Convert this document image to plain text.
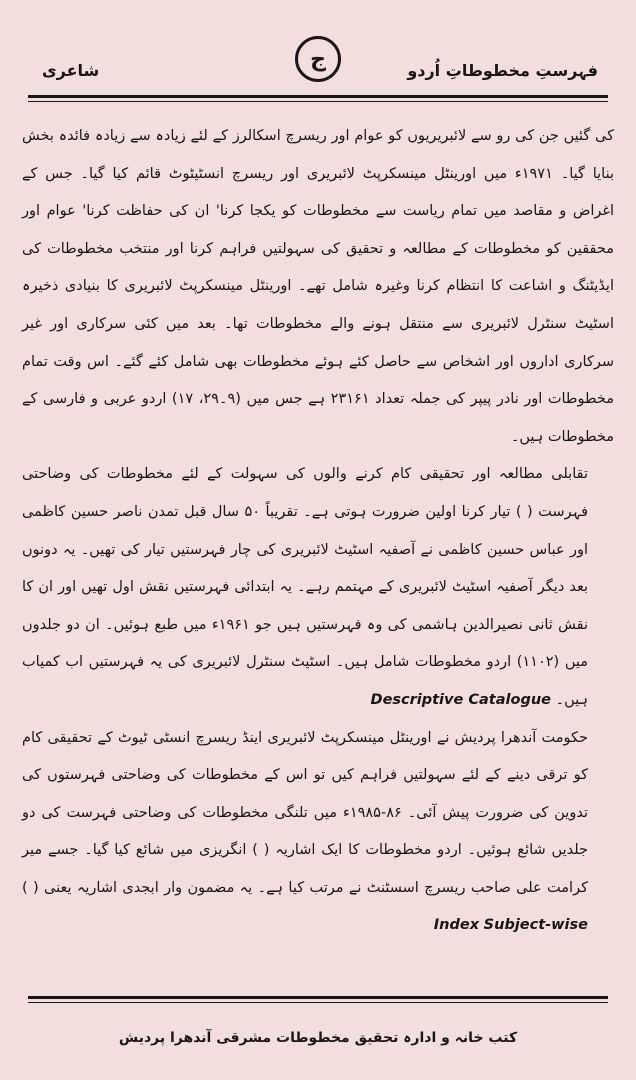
فہرستِ مخطوطاتِ اُردو
ج
شاعری

کی گئیں جن کی رو سے لائبریریوں کو عوام اور ریسرچ اسکالرز کے لئے زیادہ سے زیادہ فائدہ بخش بنایا گیا۔ ۱۹۷۱ء میں اورینٹل مینسکرپٹ لائبریری اور ریسرچ انسٹیٹوٹ قائم کیا گیا۔ جس کے اغراض و مقاصد میں تمام ریاست سے مخطوطات کو یکجا کرنا' ان کی حفاظت کرنا' عوام اور محققین کو مخطوطات کے مطالعہ و تحقیق کی سہولتیں فراہم کرنا اور منتخب مخطوطات کی ایڈیٹنگ و اشاعت کا انتظام کرنا وغیرہ شامل تھے۔ اورینٹل مینسکرپٹ لائبریری کا بنیادی ذخیرہ اسٹیٹ سنٹرل لائبریری سے منتقل ہونے والے مخطوطات تھا۔ بعد میں کئی سرکاری اور غیر سرکاری اداروں اور اشخاص سے حاصل کئے ہوئے مخطوطات بھی شامل کئے گئے۔ اس وقت تمام مخطوطات اور نادر پیپر کی جملہ تعداد ۲۳۱۶۱ ہے جس میں (۹۔۲۹، ۱۷) اردو عربی و فارسی کے مخطوطات ہیں۔

تقابلی مطالعہ اور تحقیقی کام کرنے والوں کی سہولت کے لئے مخطوطات کی وضاحتی فہرست ( ) تیار کرنا اولین ضرورت ہوتی ہے۔ تقریباً ۵۰ سال قبل تمدن ناصر حسین کاظمی اور عباس حسین کاظمی نے آصفیہ اسٹیٹ لائبریری کی چار فہرستیں تیار کی تھیں۔ یہ دونوں بعد دیگر آصفیہ اسٹیٹ لائبریری کے مہتمم رہے۔ یہ ابتدائی فہرستیں نقش اول تھیں اور ان کا نقش ثانی نصیرالدین ہاشمی کی وہ فہرستیں ہیں جو ۱۹۶۱ء میں طبع ہوئیں۔ ان دو جلدوں میں (۱۱۰۲) اردو مخطوطات شامل ہیں۔ اسٹیٹ سنٹرل لائبریری کی یہ فہرستیں اب کمیاب ہیں۔ Descriptive Catalogue

حکومت آندھرا پردیش نے اورینٹل مینسکرپٹ لائبریری اینڈ ریسرچ انسٹی ٹیوٹ کے تحقیقی کام کو ترقی دینے کے لئے سہولتیں فراہم کیں تو اس کے مخطوطات کی وضاحتی فہرستوں کی تدوین کی ضرورت پیش آئی۔ ۸۶-۱۹۸۵ء میں تلنگی مخطوطات کی وضاحتی فہرست کی دو جلدیں شائع ہوئیں۔ اردو مخطوطات کا ایک اشاریہ ( ) انگریزی میں شائع کیا گیا۔ جسے میر کرامت علی صاحب ریسرچ اسسٹنٹ نے مرتب کیا ہے۔ یہ مضمون وار ابجدی اشاریہ یعنی ( ) Index Subject-wise

کتب خانہ و ادارہ تحقیق مخطوطات مشرقی آندھرا پردیش
